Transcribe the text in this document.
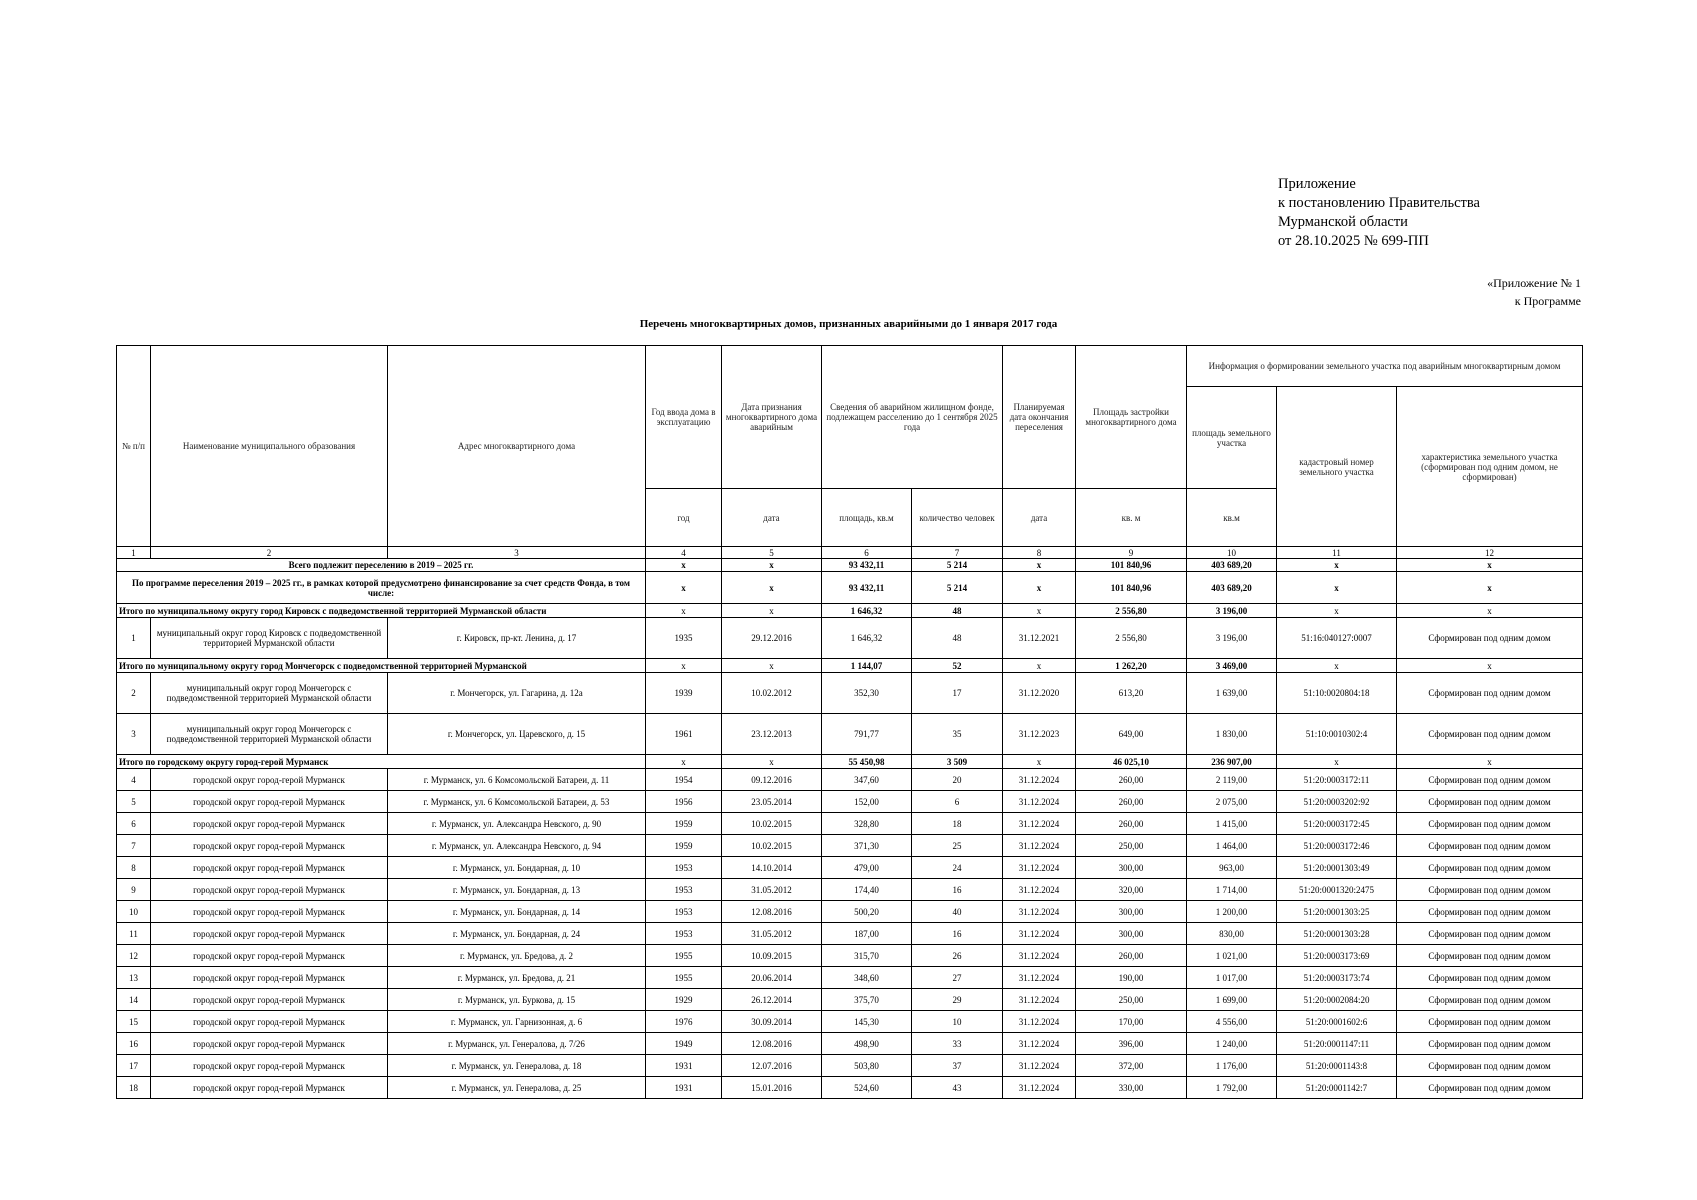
Приложение
к постановлению Правительства
Мурманской области
от 28.10.2025 № 699-ПП
«Приложение № 1
к Программе
Перечень многоквартирных домов, признанных аварийными до 1 января 2017 года
№ п/п	Наименование муниципального образования	Адрес многоквартирного дома	Год ввода дома в эксплуатацию	Дата признания многоквартирного дома аварийным	Сведения об аварийном жилищном фонде, подлежащем расселению до 1 сентября 2025 года		Планируемая дата окончания переселения	Площадь застройки многоквартирного дома	Информация о формировании земельного участка под аварийным многоквартирным домом		
									площадь земельного участка	кадастровый номер земельного участка	характеристика земельного участка (сформирован под одним домом, не сформирован)
			год	дата	площадь, кв.м	количество человек	дата	кв. м	кв.м		
1	2	3	4	5	6	7	8	9	10	11	12
Всего подлежит переселению в 2019 – 2025 гг.			x	x	93 432,11	5 214	x	101 840,96	403 689,20	x	x
По программе переселения 2019 – 2025 гг., в рамках которой предусмотрено финансирование за счет средств Фонда, в том числе:			x	x	93 432,11	5 214	x	101 840,96	403 689,20	x	x
Итого по муниципальному округу город Кировск с подведомственной территорией Мурманской области			x	x	1 646,32	48	x	2 556,80	3 196,00	x	x
1	муниципальный округ город Кировск с подведомственной территорией Мурманской области	г. Кировск, пр-кт. Ленина, д. 17	1935	29.12.2016	1 646,32	48	31.12.2021	2 556,80	3 196,00	51:16:040127:0007	Сформирован под одним домом
Итого по муниципальному округу город Мончегорск с подведомственной территорией Мурманской			x	x	1 144,07	52	x	1 262,20	3 469,00	x	x
2	муниципальный округ город Мончегорск с подведомственной территорией Мурманской области	г. Мончегорск, ул. Гагарина, д. 12а	1939	10.02.2012	352,30	17	31.12.2020	613,20	1 639,00	51:10:0020804:18	Сформирован под одним домом
3	муниципальный округ город Мончегорск с подведомственной территорией Мурманской области	г. Мончегорск, ул. Царевского, д. 15	1961	23.12.2013	791,77	35	31.12.2023	649,00	1 830,00	51:10:0010302:4	Сформирован под одним домом
Итого по городскому округу город-герой Мурманск			x	x	55 450,98	3 509	x	46 025,10	236 907,00	x	x
4	городской округ город-герой Мурманск	г. Мурманск, ул. 6 Комсомольской Батареи, д. 11	1954	09.12.2016	347,60	20	31.12.2024	260,00	2 119,00	51:20:0003172:11	Сформирован под одним домом
5	городской округ город-герой Мурманск	г. Мурманск, ул. 6 Комсомольской Батареи, д. 53	1956	23.05.2014	152,00	6	31.12.2024	260,00	2 075,00	51:20:0003202:92	Сформирован под одним домом
6	городской округ город-герой Мурманск	г. Мурманск, ул. Александра Невского, д. 90	1959	10.02.2015	328,80	18	31.12.2024	260,00	1 415,00	51:20:0003172:45	Сформирован под одним домом
7	городской округ город-герой Мурманск	г. Мурманск, ул. Александра Невского, д. 94	1959	10.02.2015	371,30	25	31.12.2024	250,00	1 464,00	51:20:0003172:46	Сформирован под одним домом
8	городской округ город-герой Мурманск	г. Мурманск, ул. Бондарная, д. 10	1953	14.10.2014	479,00	24	31.12.2024	300,00	963,00	51:20:0001303:49	Сформирован под одним домом
9	городской округ город-герой Мурманск	г. Мурманск, ул. Бондарная, д. 13	1953	31.05.2012	174,40	16	31.12.2024	320,00	1 714,00	51:20:0001320:2475	Сформирован под одним домом
10	городской округ город-герой Мурманск	г. Мурманск, ул. Бондарная, д. 14	1953	12.08.2016	500,20	40	31.12.2024	300,00	1 200,00	51:20:0001303:25	Сформирован под одним домом
11	городской округ город-герой Мурманск	г. Мурманск, ул. Бондарная, д. 24	1953	31.05.2012	187,00	16	31.12.2024	300,00	830,00	51:20:0001303:28	Сформирован под одним домом
12	городской округ город-герой Мурманск	г. Мурманск, ул. Бредова, д. 2	1955	10.09.2015	315,70	26	31.12.2024	260,00	1 021,00	51:20:0003173:69	Сформирован под одним домом
13	городской округ город-герой Мурманск	г. Мурманск, ул. Бредова, д. 21	1955	20.06.2014	348,60	27	31.12.2024	190,00	1 017,00	51:20:0003173:74	Сформирован под одним домом
14	городской округ город-герой Мурманск	г. Мурманск, ул. Буркова, д. 15	1929	26.12.2014	375,70	29	31.12.2024	250,00	1 699,00	51:20:0002084:20	Сформирован под одним домом
15	городской округ город-герой Мурманск	г. Мурманск, ул. Гарнизонная, д. 6	1976	30.09.2014	145,30	10	31.12.2024	170,00	4 556,00	51:20:0001602:6	Сформирован под одним домом
16	городской округ город-герой Мурманск	г. Мурманск, ул. Генералова, д. 7/26	1949	12.08.2016	498,90	33	31.12.2024	396,00	1 240,00	51:20:0001147:11	Сформирован под одним домом
17	городской округ город-герой Мурманск	г. Мурманск, ул. Генералова, д. 18	1931	12.07.2016	503,80	37	31.12.2024	372,00	1 176,00	51:20:0001143:8	Сформирован под одним домом
18	городской округ город-герой Мурманск	г. Мурманск, ул. Генералова, д. 25	1931	15.01.2016	524,60	43	31.12.2024	330,00	1 792,00	51:20:0001142:7	Сформирован под одним домом
